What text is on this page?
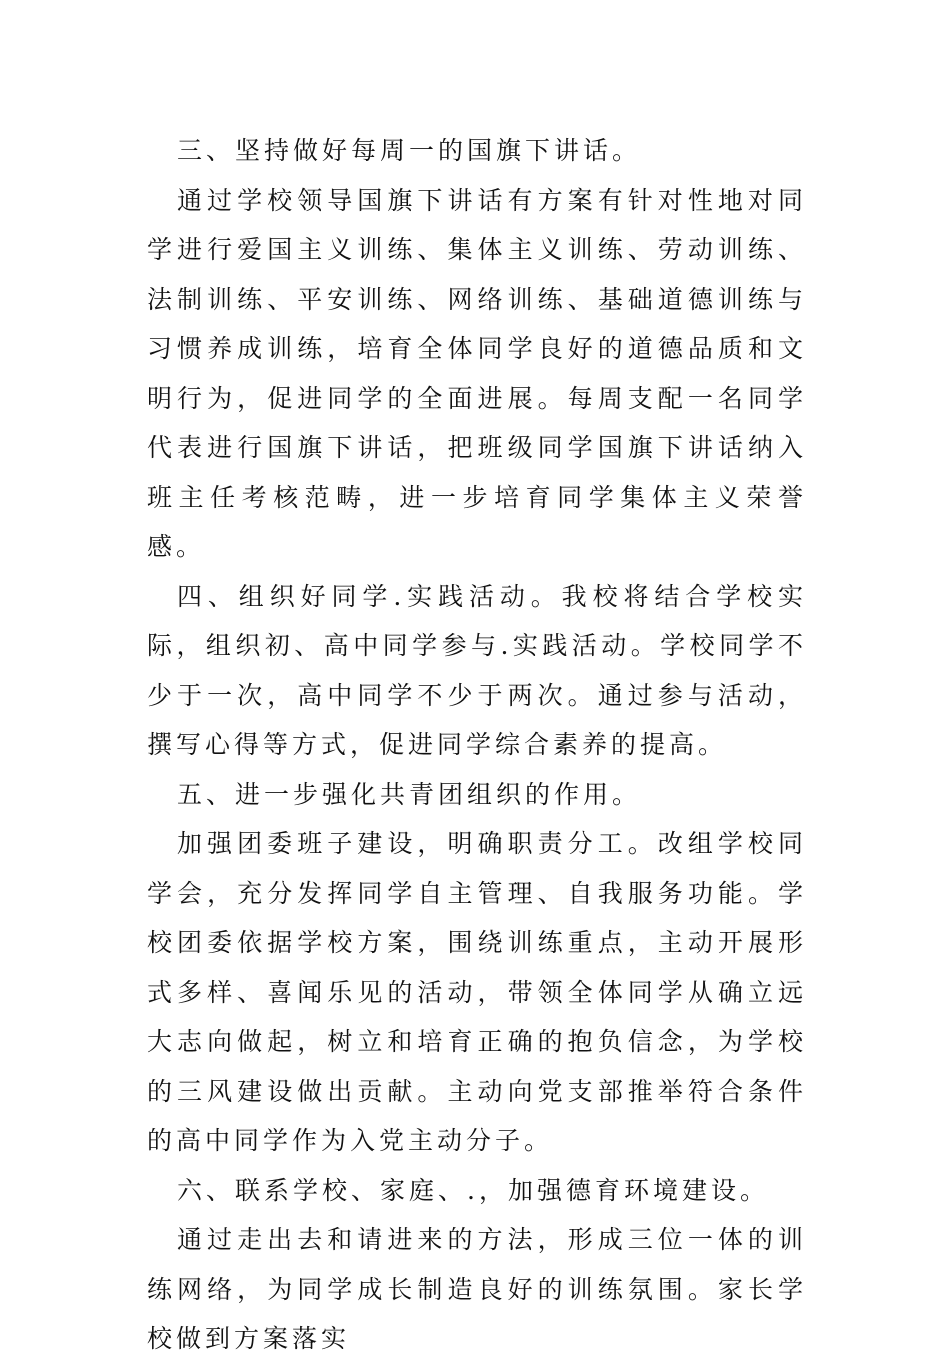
三、坚持做好每周一的国旗下讲话。

通过学校领导国旗下讲话有方案有针对性地对同学进行爱国主义训练、集体主义训练、劳动训练、法制训练、平安训练、网络训练、基础道德训练与习惯养成训练，培育全体同学良好的道德品质和文明行为，促进同学的全面进展。每周支配一名同学代表进行国旗下讲话，把班级同学国旗下讲话纳入班主任考核范畴，进一步培育同学集体主义荣誉感。

四、组织好同学.实践活动。我校将结合学校实际，组织初、高中同学参与.实践活动。学校同学不少于一次，高中同学不少于两次。通过参与活动，撰写心得等方式，促进同学综合素养的提高。

五、进一步强化共青团组织的作用。

加强团委班子建设，明确职责分工。改组学校同学会，充分发挥同学自主管理、自我服务功能。学校团委依据学校方案，围绕训练重点，主动开展形式多样、喜闻乐见的活动，带领全体同学从确立远大志向做起，树立和培育正确的抱负信念，为学校的三风建设做出贡献。主动向党支部推举符合条件的高中同学作为入党主动分子。

六、联系学校、家庭、.，加强德育环境建设。

通过走出去和请进来的方法，形成三位一体的训练网络，为同学成长制造良好的训练氛围。家长学校做到方案落实
